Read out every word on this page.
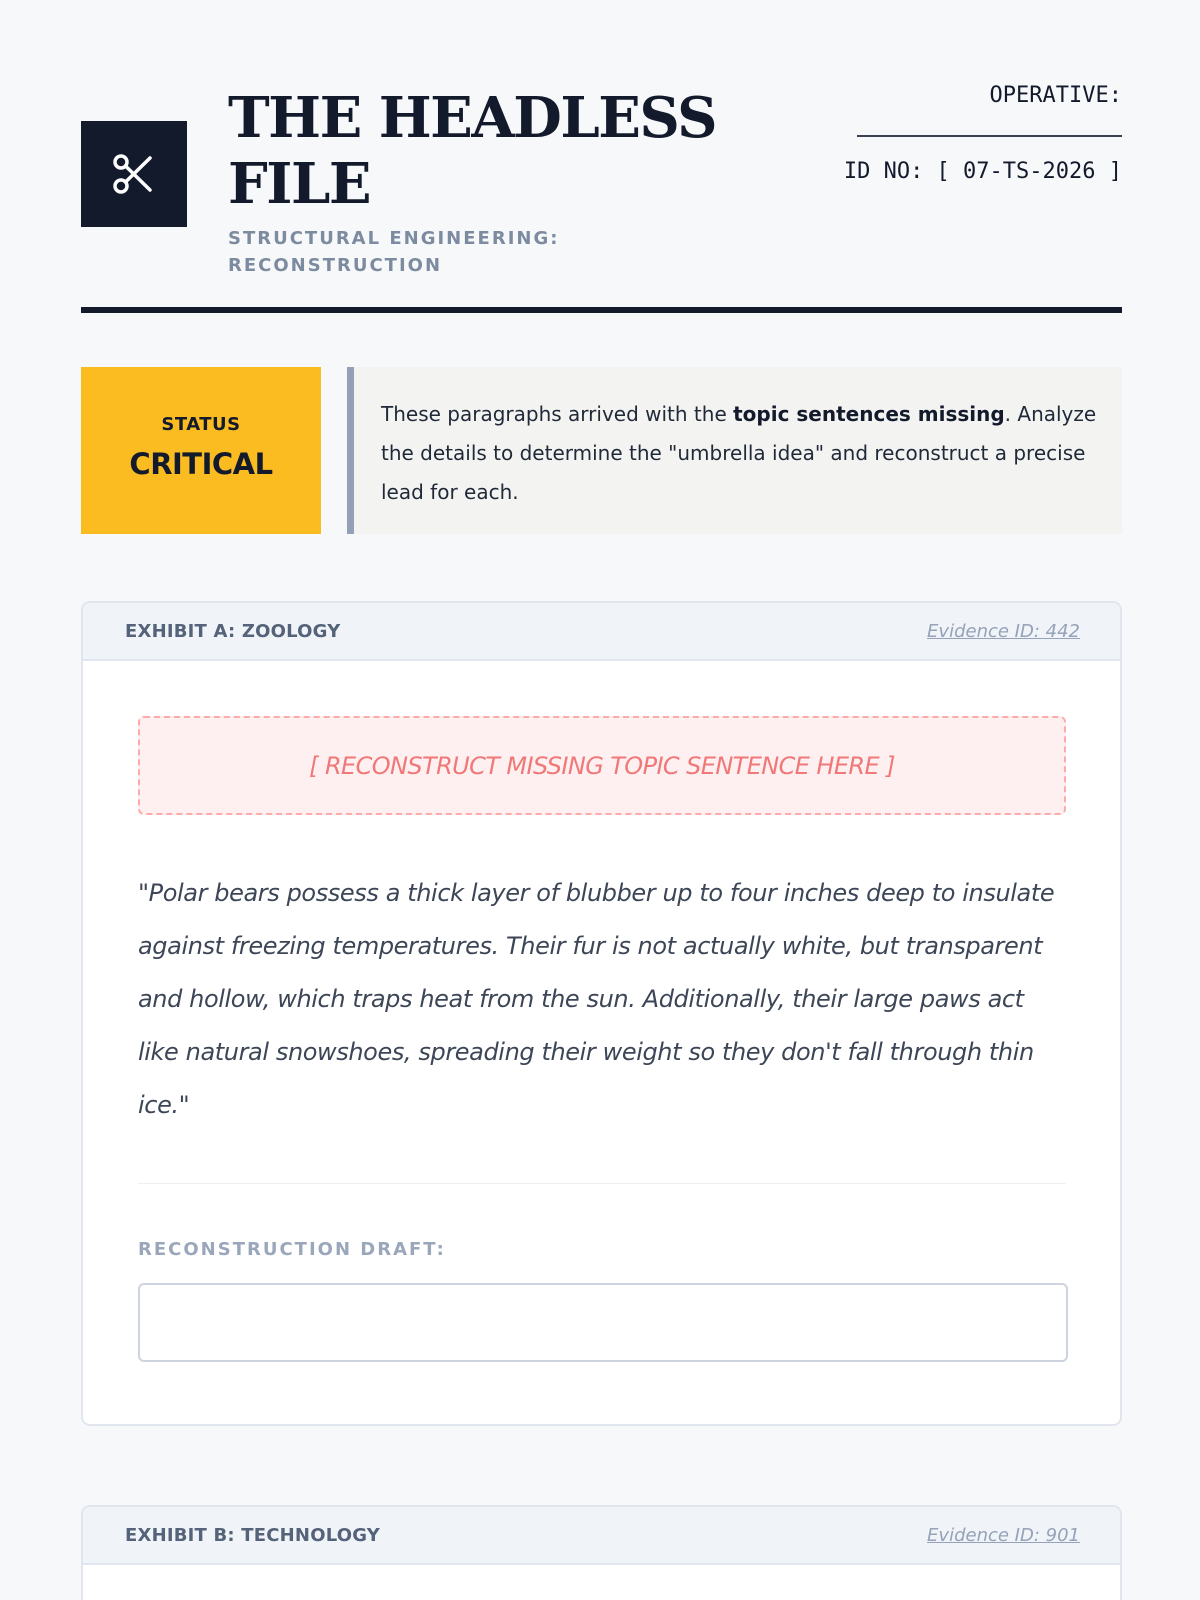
THE HEADLESS FILE
STRUCTURAL ENGINEERING: RECONSTRUCTION
OPERATIVE:
ID NO: [ 07-TS-2026 ]
STATUS
CRITICAL
These paragraphs arrived with the topic sentences missing. Analyze the details to determine the "umbrella idea" and reconstruct a precise lead for each.
EXHIBIT A: ZOOLOGY	Evidence ID: 442
[ RECONSTRUCT MISSING TOPIC SENTENCE HERE ]

"Polar bears possess a thick layer of blubber up to four inches deep to insulate against freezing temperatures. Their fur is not actually white, but transparent and hollow, which traps heat from the sun. Additionally, their large paws act like natural snowshoes, spreading their weight so they don't fall through thin ice."

RECONSTRUCTION DRAFT:
EXHIBIT B: TECHNOLOGY	Evidence ID: 901
